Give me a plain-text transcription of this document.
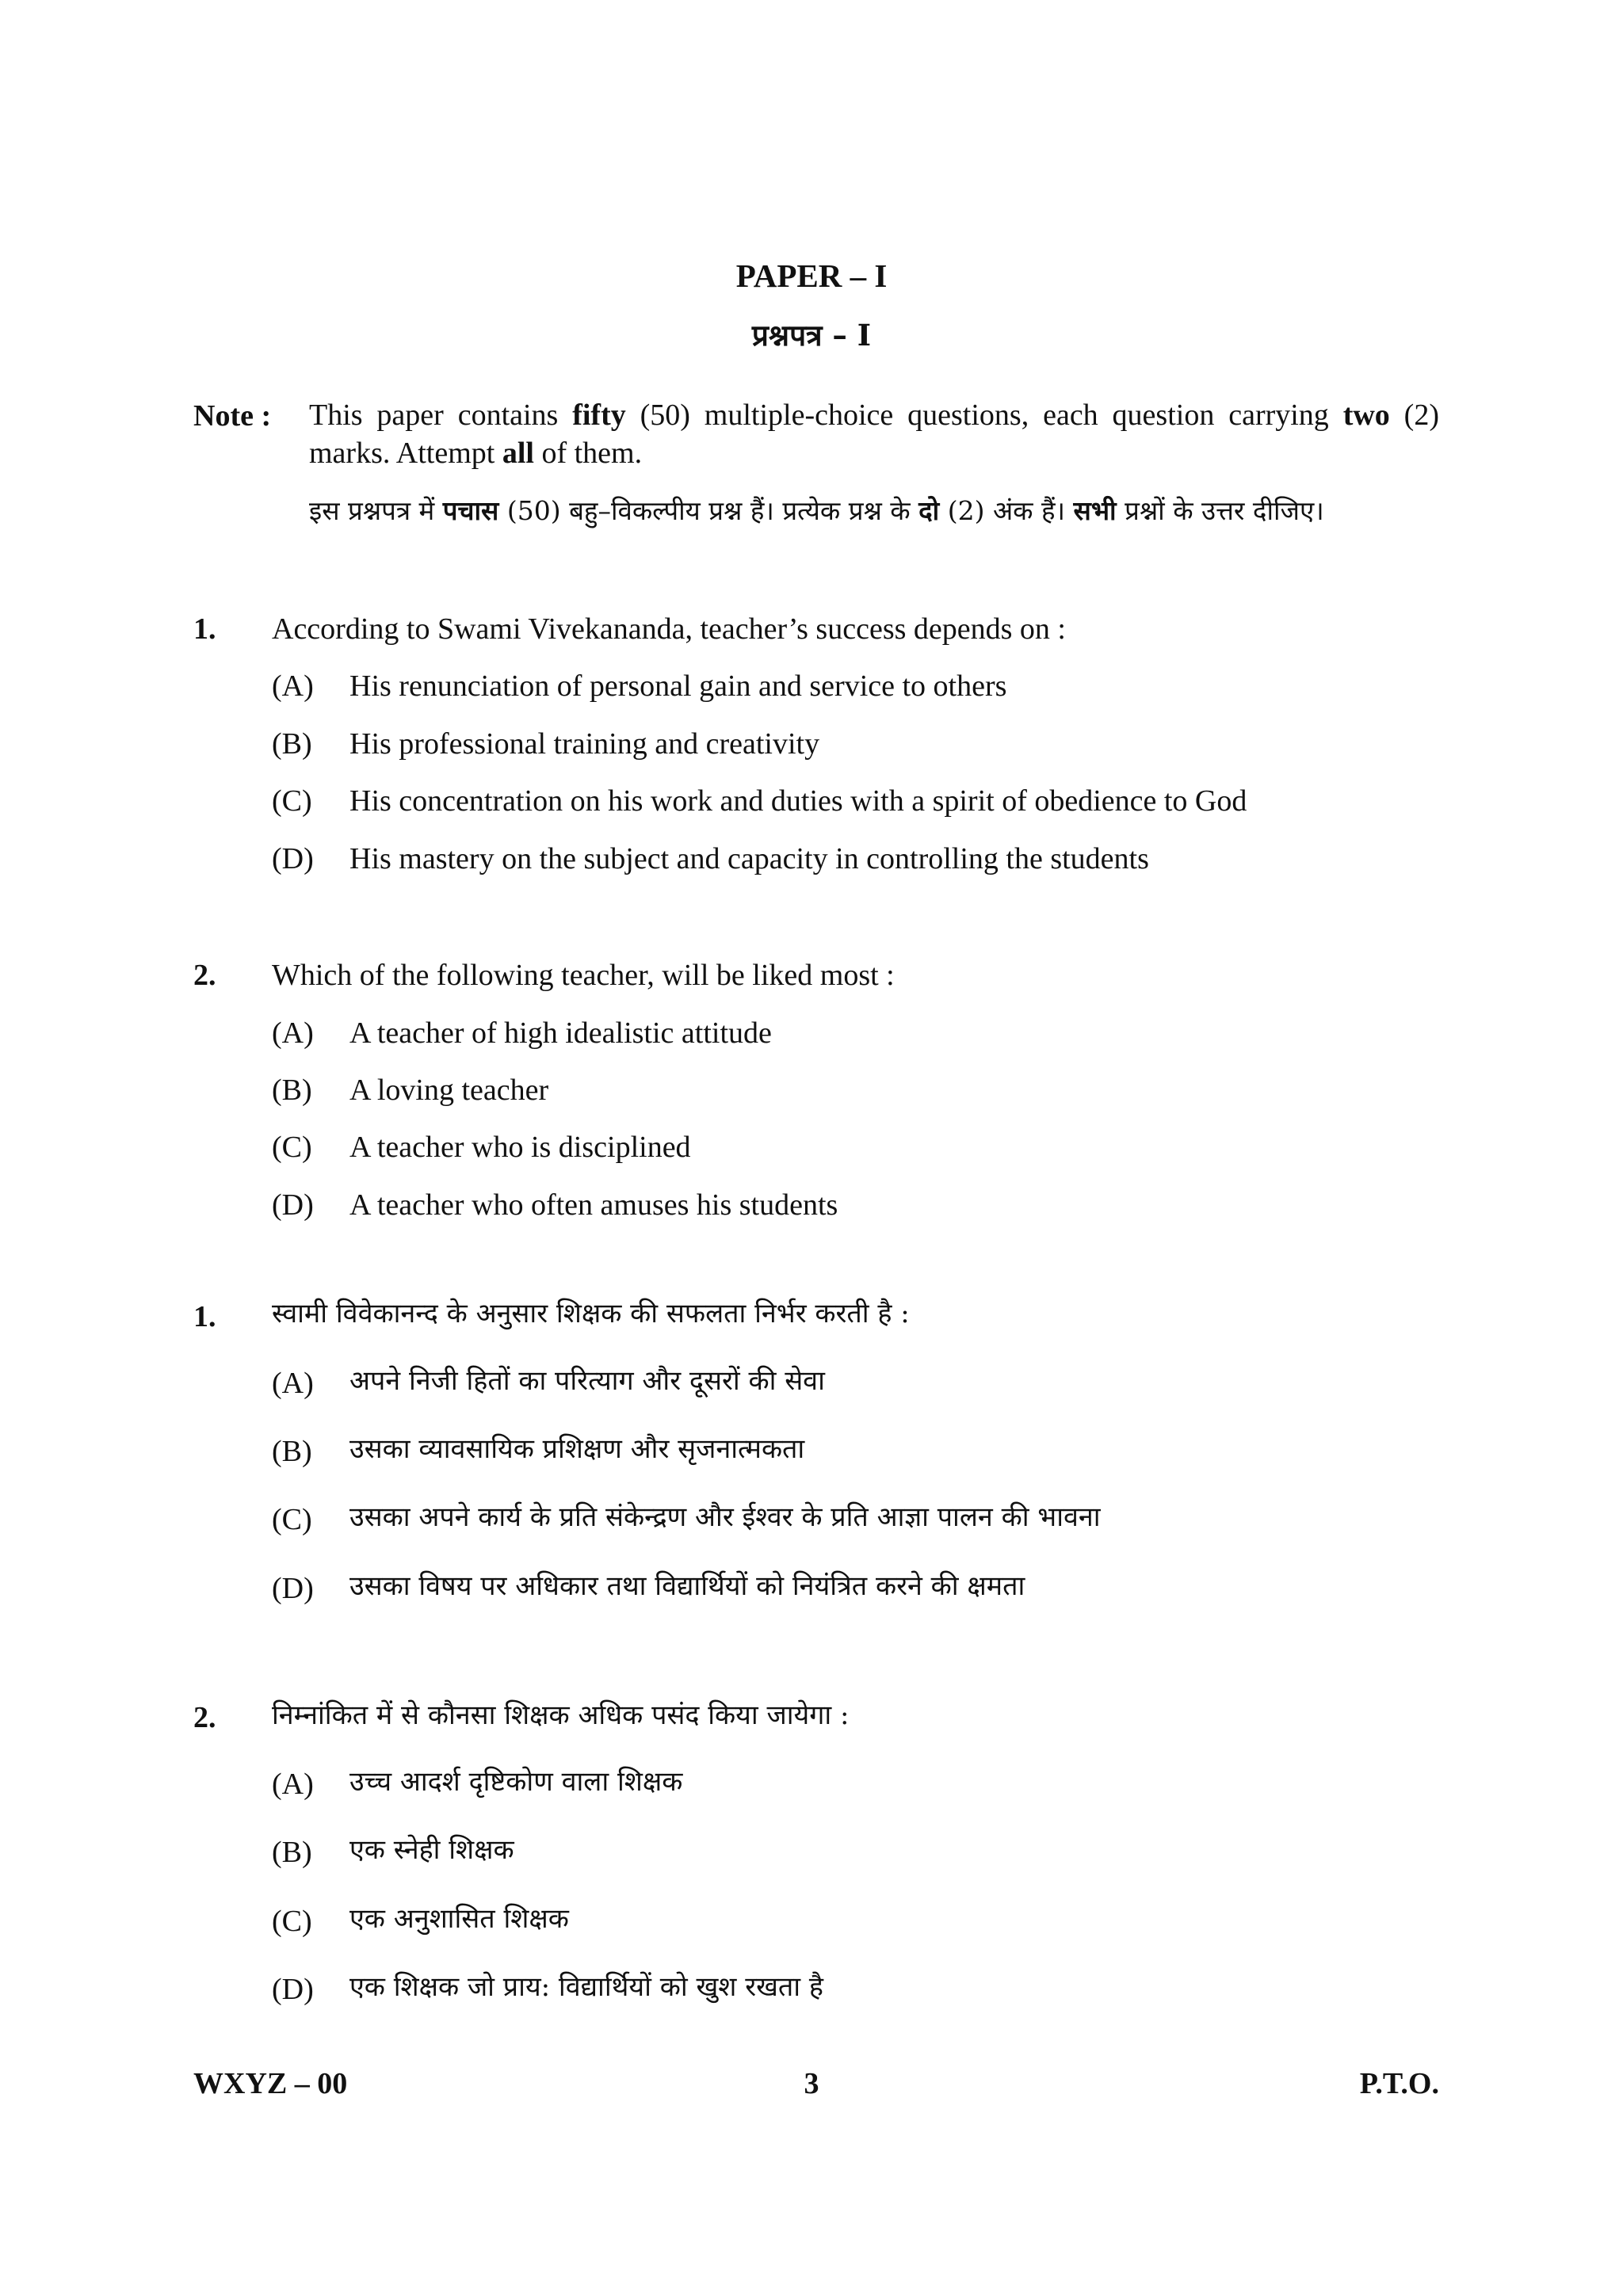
PAPER – I
प्रश्नपत्र – I
Note : This paper contains fifty (50) multiple-choice questions, each question carrying two (2) marks. Attempt all of them.
इस प्रश्नपत्र में पचास (50) बहु–विकल्पीय प्रश्न हैं। प्रत्येक प्रश्न के दो (2) अंक हैं। सभी प्रश्नों के उत्तर दीजिए।
1. According to Swami Vivekananda, teacher’s success depends on :
(A) His renunciation of personal gain and service to others
(B) His professional training and creativity
(C) His concentration on his work and duties with a spirit of obedience to God
(D) His mastery on the subject and capacity in controlling the students
2. Which of the following teacher, will be liked most :
(A) A teacher of high idealistic attitude
(B) A loving teacher
(C) A teacher who is disciplined
(D) A teacher who often amuses his students
1. स्वामी विवेकानन्द के अनुसार शिक्षक की सफलता निर्भर करती है :
(A) अपने निजी हितों का परित्याग और दूसरों की सेवा
(B) उसका व्यावसायिक प्रशिक्षण और सृजनात्मकता
(C) उसका अपने कार्य के प्रति संकेन्द्रण और ईश्वर के प्रति आज्ञा पालन की भावना
(D) उसका विषय पर अधिकार तथा विद्यार्थियों को नियंत्रित करने की क्षमता
2. निम्नांकित में से कौनसा शिक्षक अधिक पसंद किया जायेगा :
(A) उच्च आदर्श दृष्टिकोण वाला शिक्षक
(B) एक स्नेही शिक्षक
(C) एक अनुशासित शिक्षक
(D) एक शिक्षक जो प्राय: विद्यार्थियों को खुश रखता है
WXYZ – 00	3	P.T.O.
